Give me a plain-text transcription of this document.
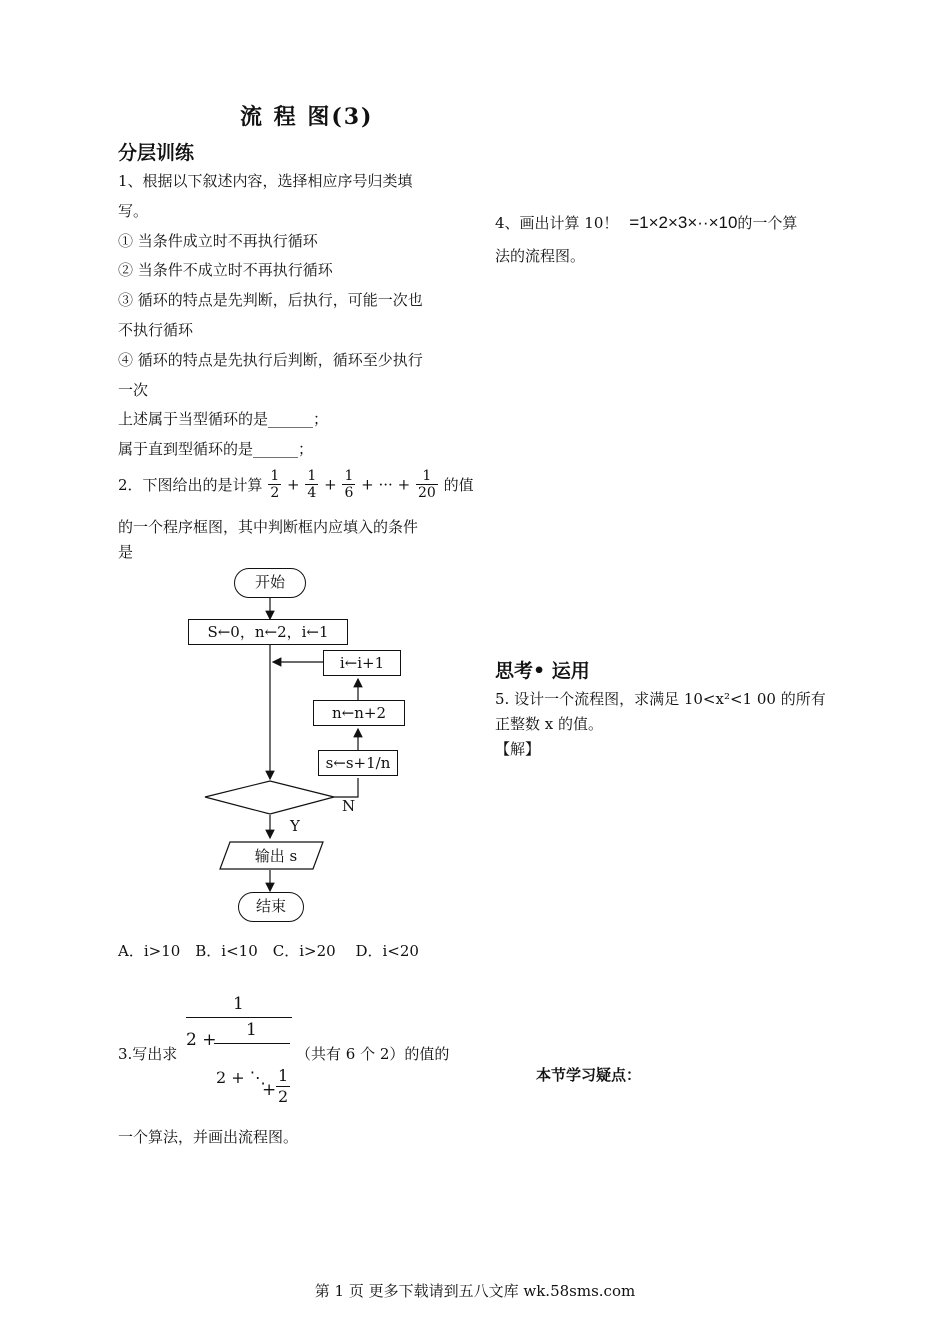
流 程 图(3)
分层训练
1、根据以下叙述内容，选择相应序号归类填
写。
① 当条件成立时不再执行循环
② 当条件不成立时不再执行循环
③ 循环的特点是先判断，后执行，可能一次也
不执行循环
④ 循环的特点是先执行后判断，循环至少执行
一次
上述属于当型循环的是______；
属于直到型循环的是______；
2．下图给出的是计算 $\frac{1}{2} + \frac{1}{4} + \frac{1}{6}$ + ··· + $\frac{1}{20}$ 的值
的一个程序框图，其中判断框内应填入的条件
是
开始
S←0，n←2，i←1
i←i+1
n←n+2
s←s+1/n
N
Y
输出 s
结束
A．i>10　B．i<10　C．i>20　 D．i<20
1
2 + 1
2 + ⋱
+
1
2
3.写出求	（共有 6 个 2）的值的
一个算法，并画出流程图。
4、画出计算 10！ =1×2×3×··×10的一个算
法的流程图。
思考• 运用
5. 设计一个流程图，求满足 10<x²<1 00 的所有
正整数 x 的值。
【解】
本节学习疑点：
第 1 页 更多下载请到五八文库 wk.58sms.com
